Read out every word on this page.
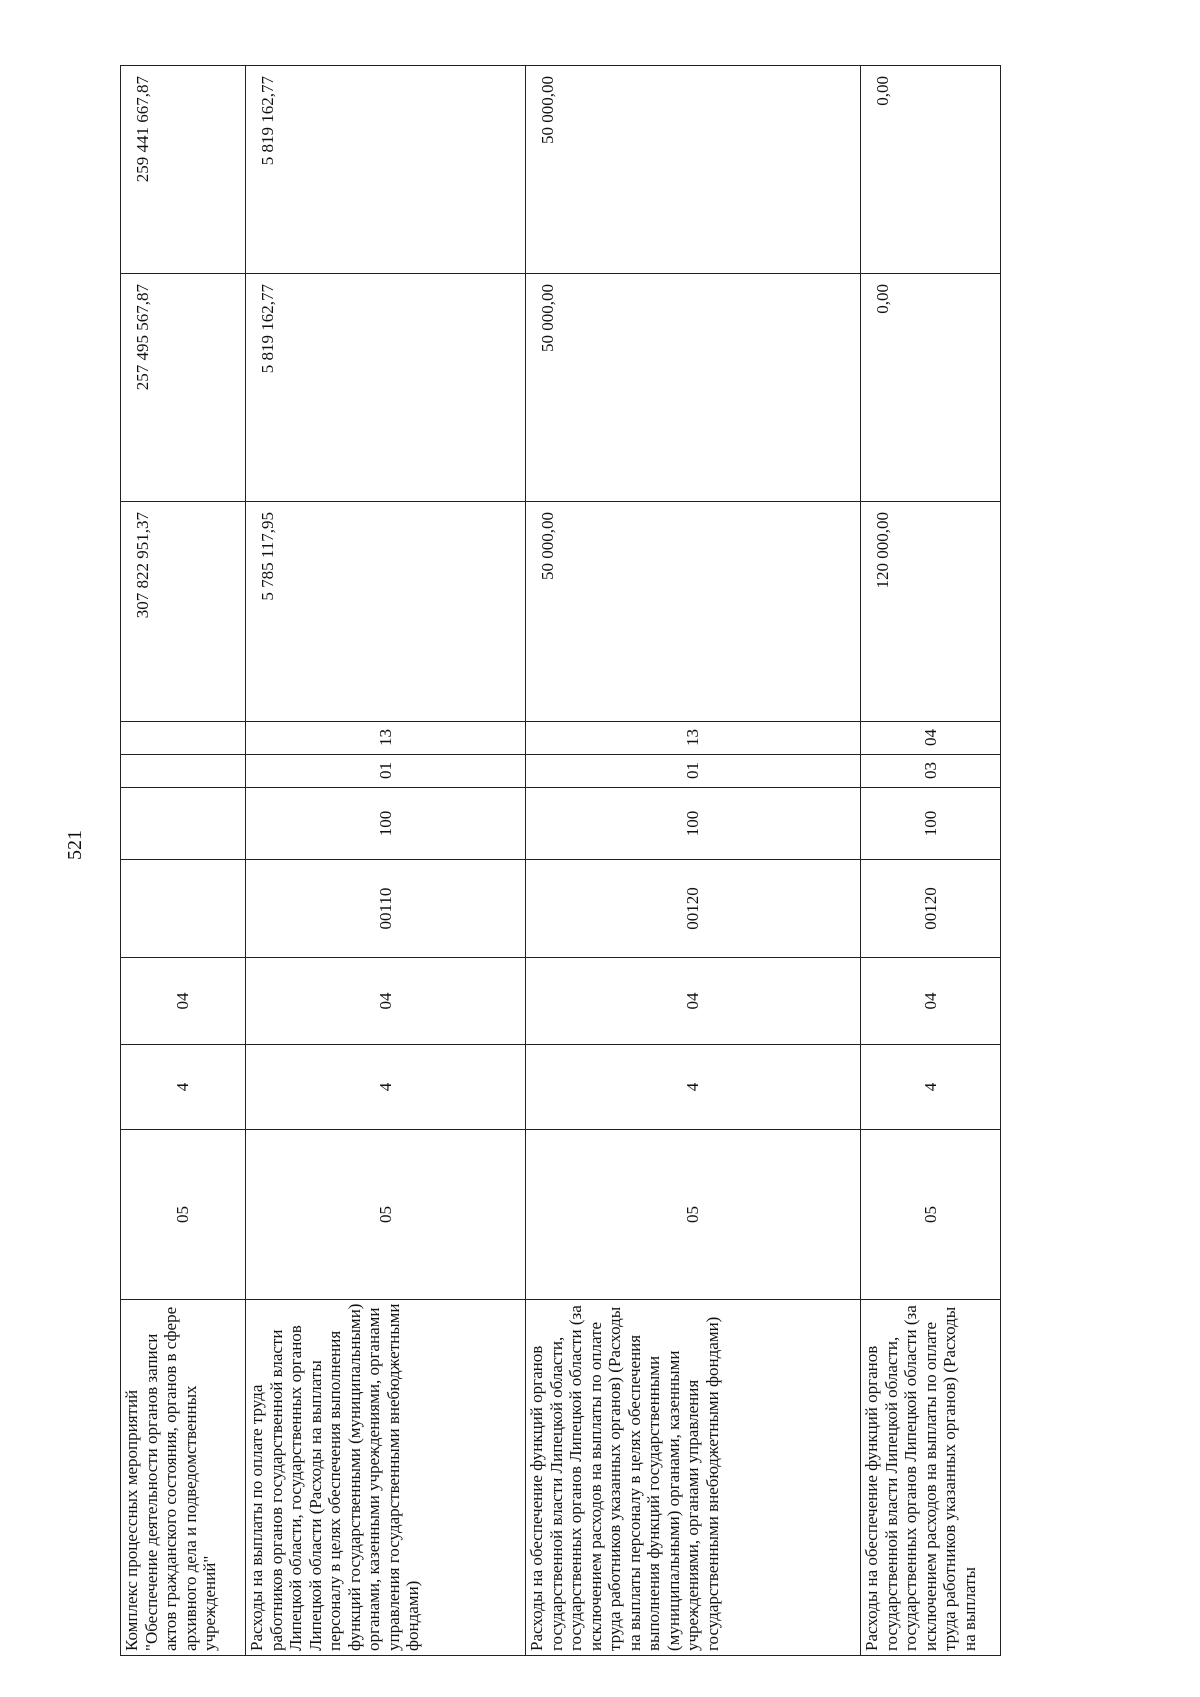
521
Комплекс процессных мероприятий "Обеспечение деятельности органов записи актов гражданского состояния, органов в сфере архивного дела и подведомственных учреждений"	05	4	04					307 822 951,37	257 495 567,87	259 441 667,87
Расходы на выплаты по оплате труда работников органов государственной власти Липецкой области, государственных органов Липецкой области (Расходы на выплаты персоналу в целях обеспечения выполнения функций государственными (муниципальными) органами, казенными учреждениями, органами управления государственными внебюджетными фондами)	05	4	04	00110	100	01	13	5 785 117,95	5 819 162,77	5 819 162,77
Расходы на обеспечение функций органов государственной власти Липецкой области, государственных органов Липецкой области (за исключением расходов на выплаты по оплате труда работников указанных органов) (Расходы на выплаты персоналу в целях обеспечения выполнения функций государственными (муниципальными) органами, казенными учреждениями, органами управления государственными внебюджетными фондами)	05	4	04	00120	100	01	13	50 000,00	50 000,00	50 000,00
Расходы на обеспечение функций органов государственной власти Липецкой области, государственных органов Липецкой области (за исключением расходов на выплаты по оплате труда работников указанных органов) (Расходы на выплаты	05	4	04	00120	100	03	04	120 000,00	0,00	0,00
